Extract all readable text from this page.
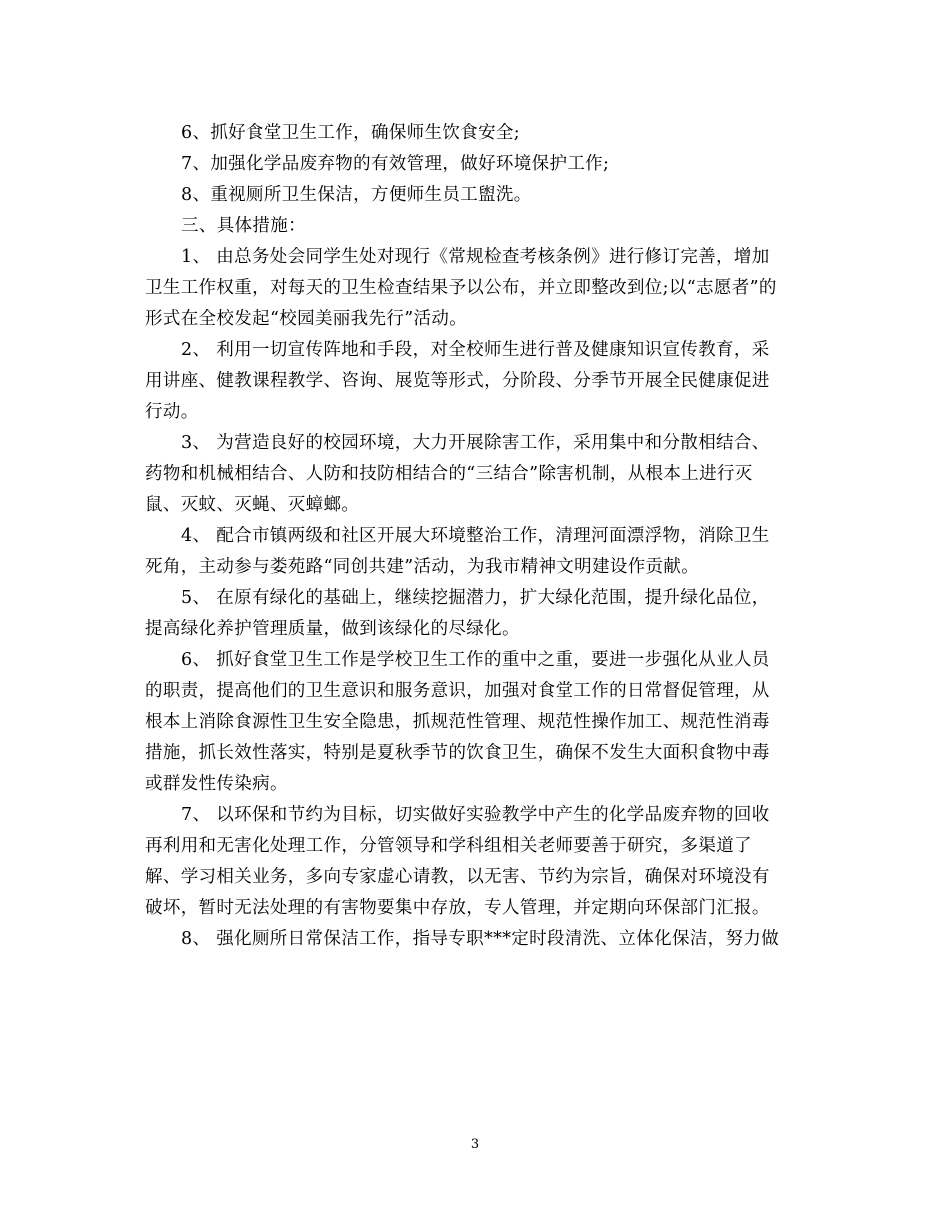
6、抓好食堂卫生工作，确保师生饮食安全;
7、加强化学品废弃物的有效管理，做好环境保护工作;
8、重视厕所卫生保洁，方便师生员工盥洗。
三、具体措施：
1、 由总务处会同学生处对现行《常规检查考核条例》进行修订完善，增加
卫生工作权重，对每天的卫生检查结果予以公布，并立即整改到位;以“志愿者”的
形式在全校发起“校园美丽我先行”活动。
2、 利用一切宣传阵地和手段，对全校师生进行普及健康知识宣传教育，采
用讲座、健教课程教学、咨询、展览等形式，分阶段、分季节开展全民健康促进
行动。
3、 为营造良好的校园环境，大力开展除害工作，采用集中和分散相结合、
药物和机械相结合、人防和技防相结合的“三结合”除害机制，从根本上进行灭
鼠、灭蚊、灭蝇、灭蟑螂。
4、 配合市镇两级和社区开展大环境整治工作，清理河面漂浮物，消除卫生
死角，主动参与娄苑路“同创共建”活动，为我市精神文明建设作贡献。
5、 在原有绿化的基础上，继续挖掘潜力，扩大绿化范围，提升绿化品位，
提高绿化养护管理质量，做到该绿化的尽绿化。
6、 抓好食堂卫生工作是学校卫生工作的重中之重，要进一步强化从业人员
的职责，提高他们的卫生意识和服务意识，加强对食堂工作的日常督促管理，从
根本上消除食源性卫生安全隐患，抓规范性管理、规范性操作加工、规范性消毒
措施，抓长效性落实，特别是夏秋季节的饮食卫生，确保不发生大面积食物中毒
或群发性传染病。
7、 以环保和节约为目标，切实做好实验教学中产生的化学品废弃物的回收
再利用和无害化处理工作，分管领导和学科组相关老师要善于研究，多渠道了
解、学习相关业务，多向专家虚心请教，以无害、节约为宗旨，确保对环境没有
破坏，暂时无法处理的有害物要集中存放，专人管理，并定期向环保部门汇报。
8、 强化厕所日常保洁工作，指导专职***定时段清洗、立体化保洁，努力做
3
